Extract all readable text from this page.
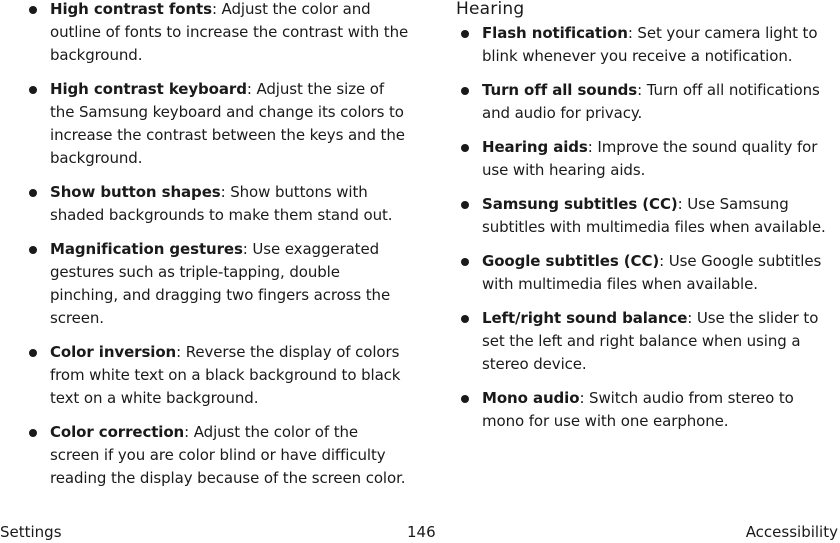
High contrast fonts: Adjust the color and outline of fonts to increase the contrast with the background.
High contrast keyboard: Adjust the size of the Samsung keyboard and change its colors to increase the contrast between the keys and the background.
Show button shapes: Show buttons with shaded backgrounds to make them stand out.
Magnification gestures: Use exaggerated gestures such as triple-tapping, double pinching, and dragging two fingers across the screen.
Color inversion: Reverse the display of colors from white text on a black background to black text on a white background.
Color correction: Adjust the color of the screen if you are color blind or have difficulty reading the display because of the screen color.
Hearing
Flash notification: Set your camera light to blink whenever you receive a notification.
Turn off all sounds: Turn off all notifications and audio for privacy.
Hearing aids: Improve the sound quality for use with hearing aids.
Samsung subtitles (CC): Use Samsung subtitles with multimedia files when available.
Google subtitles (CC): Use Google subtitles with multimedia files when available.
Left/right sound balance: Use the slider to set the left and right balance when using a stereo device.
Mono audio: Switch audio from stereo to mono for use with one earphone.
Settings	146	Accessibility
